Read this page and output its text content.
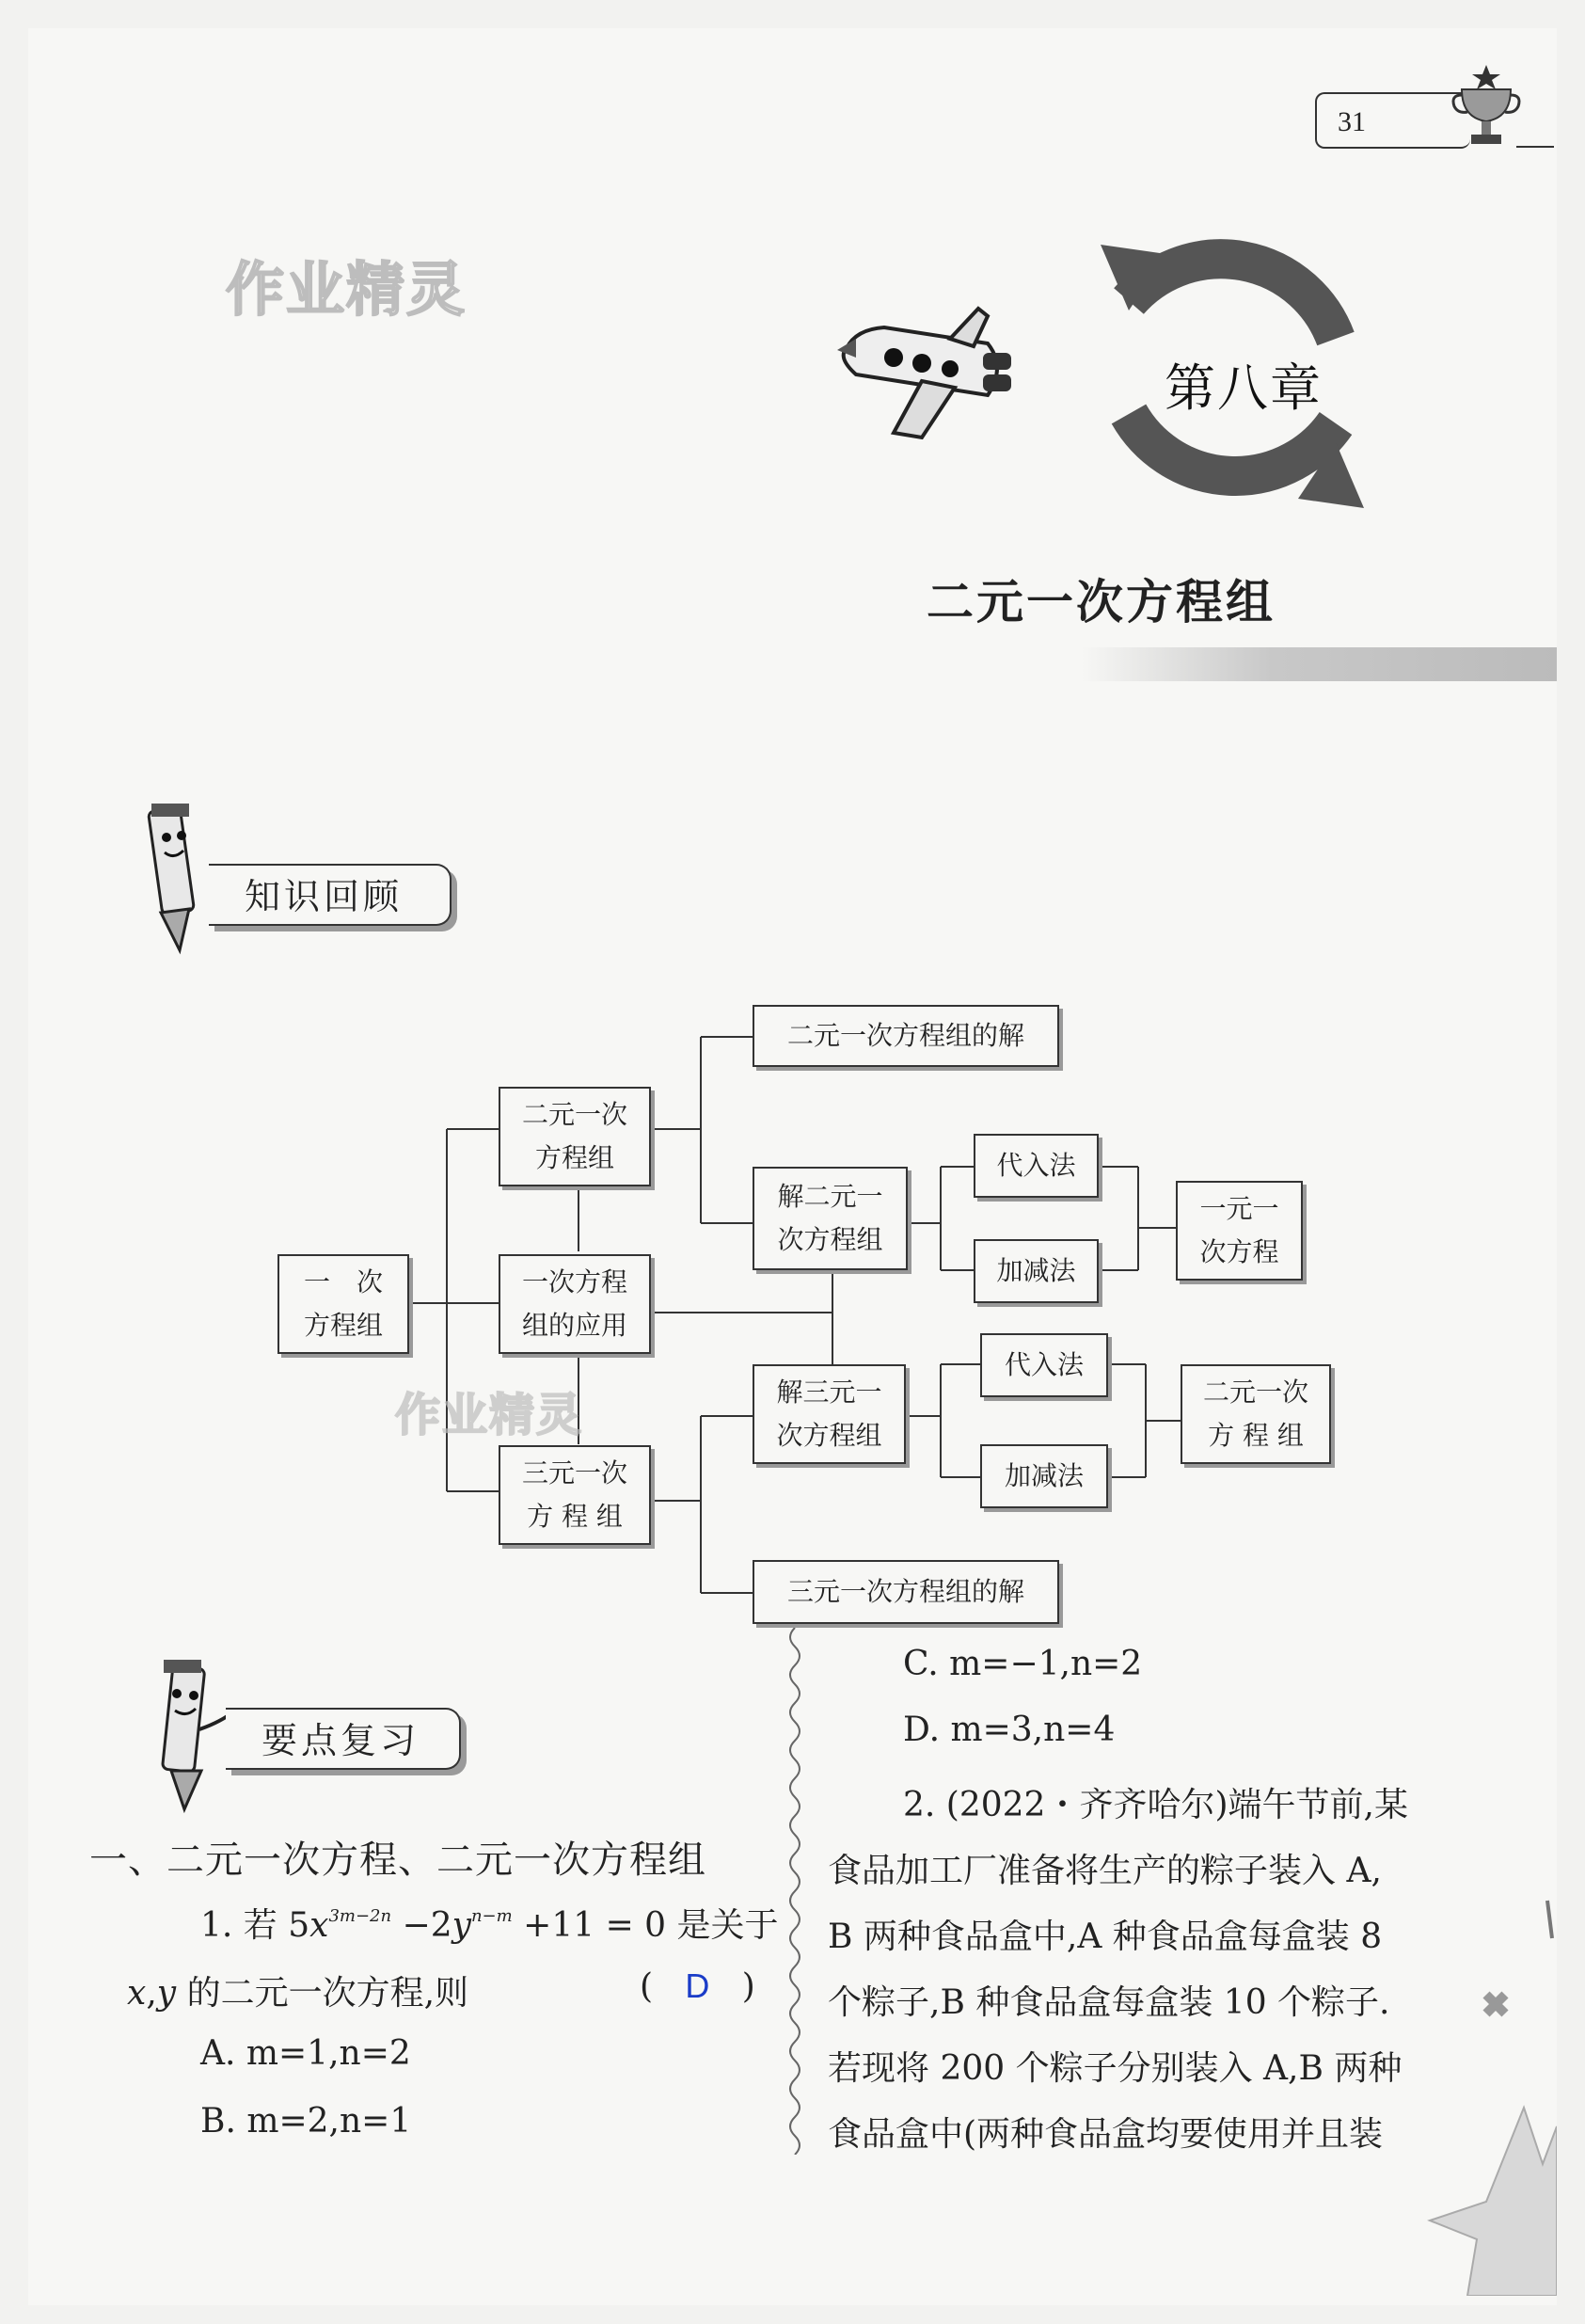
31
作业精灵
第八章
二元一次方程组
知识回顾
一　次
方程组
二元一次
方程组
一次方程
组的应用
三元一次
方 程 组
二元一次方程组的解
解二元一
次方程组
代入法
加减法
一元一
次方程
解三元一
次方程组
代入法
加减法
二元一次
方 程 组
三元一次方程组的解
作业精灵
要点复习
一、二元一次方程、二元一次方程组
1. 若 $5x^{3m-2n} -2y^{n-m} +11 = 0$ 是关于
x,y 的二元一次方程,则	(   D   )
A. m=1,n=2
B. m=2,n=1
C. m=−1,n=2
D. m=3,n=4
2. (2022・齐齐哈尔)端午节前,某
食品加工厂准备将生产的粽子装入 A,
B 两种食品盒中,A 种食品盒每盒装 8
个粽子,B 种食品盒每盒装 10 个粽子.
若现将 200 个粽子分别装入 A,B 两种
食品盒中(两种食品盒均要使用并且装
